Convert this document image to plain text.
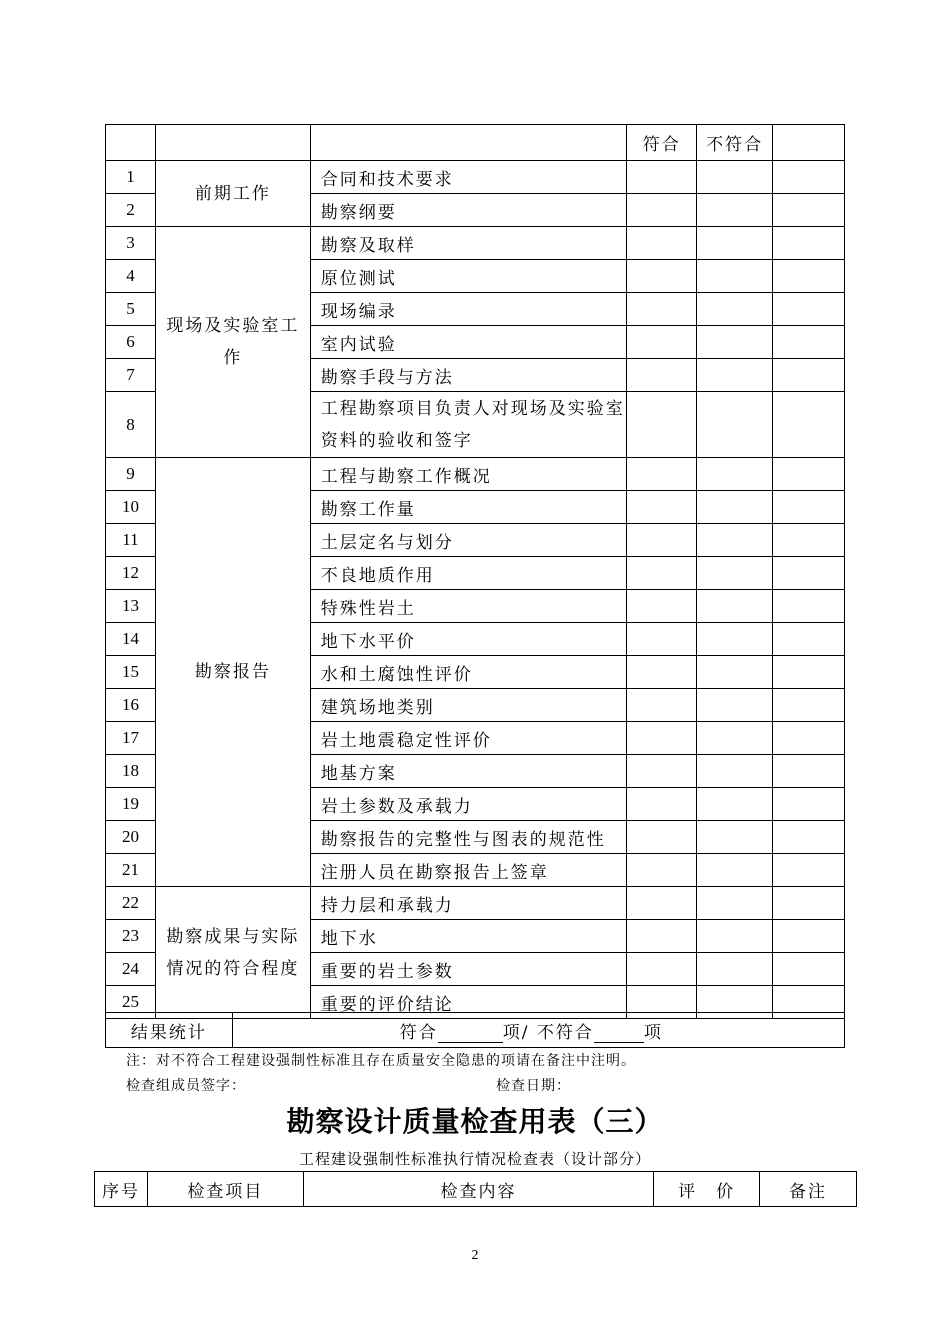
			符合	不符合	
1	前期工作	合同和技术要求			
2		勘察纲要			
3	现场及实验室工作	勘察及取样			
4		原位测试			
5		现场编录			
6		室内试验			
7		勘察手段与方法			
8		工程勘察项目负责人对现场及实验室资料的验收和签字			
9	勘察报告	工程与勘察工作概况			
10		勘察工作量			
11		土层定名与划分			
12		不良地质作用			
13		特殊性岩土			
14		地下水平价			
15		水和土腐蚀性评价			
16		建筑场地类别			
17		岩土地震稳定性评价			
18		地基方案			
19		岩土参数及承载力			
20		勘察报告的完整性与图表的规范性			
21		注册人员在勘察报告上签章			
22	勘察成果与实际情况的符合程度	持力层和承载力			
23		地下水			
24		重要的岩土参数			
25		重要的评价结论			
结果统计	符合	项/ 不符合	项
注：对不符合工程建设强制性标准且存在质量安全隐患的项请在备注中注明。
检查组成员签字：	检查日期：
勘察设计质量检查用表（三）
工程建设强制性标准执行情况检查表（设计部分）
序号	检查项目	检查内容	评　价	备注
2
